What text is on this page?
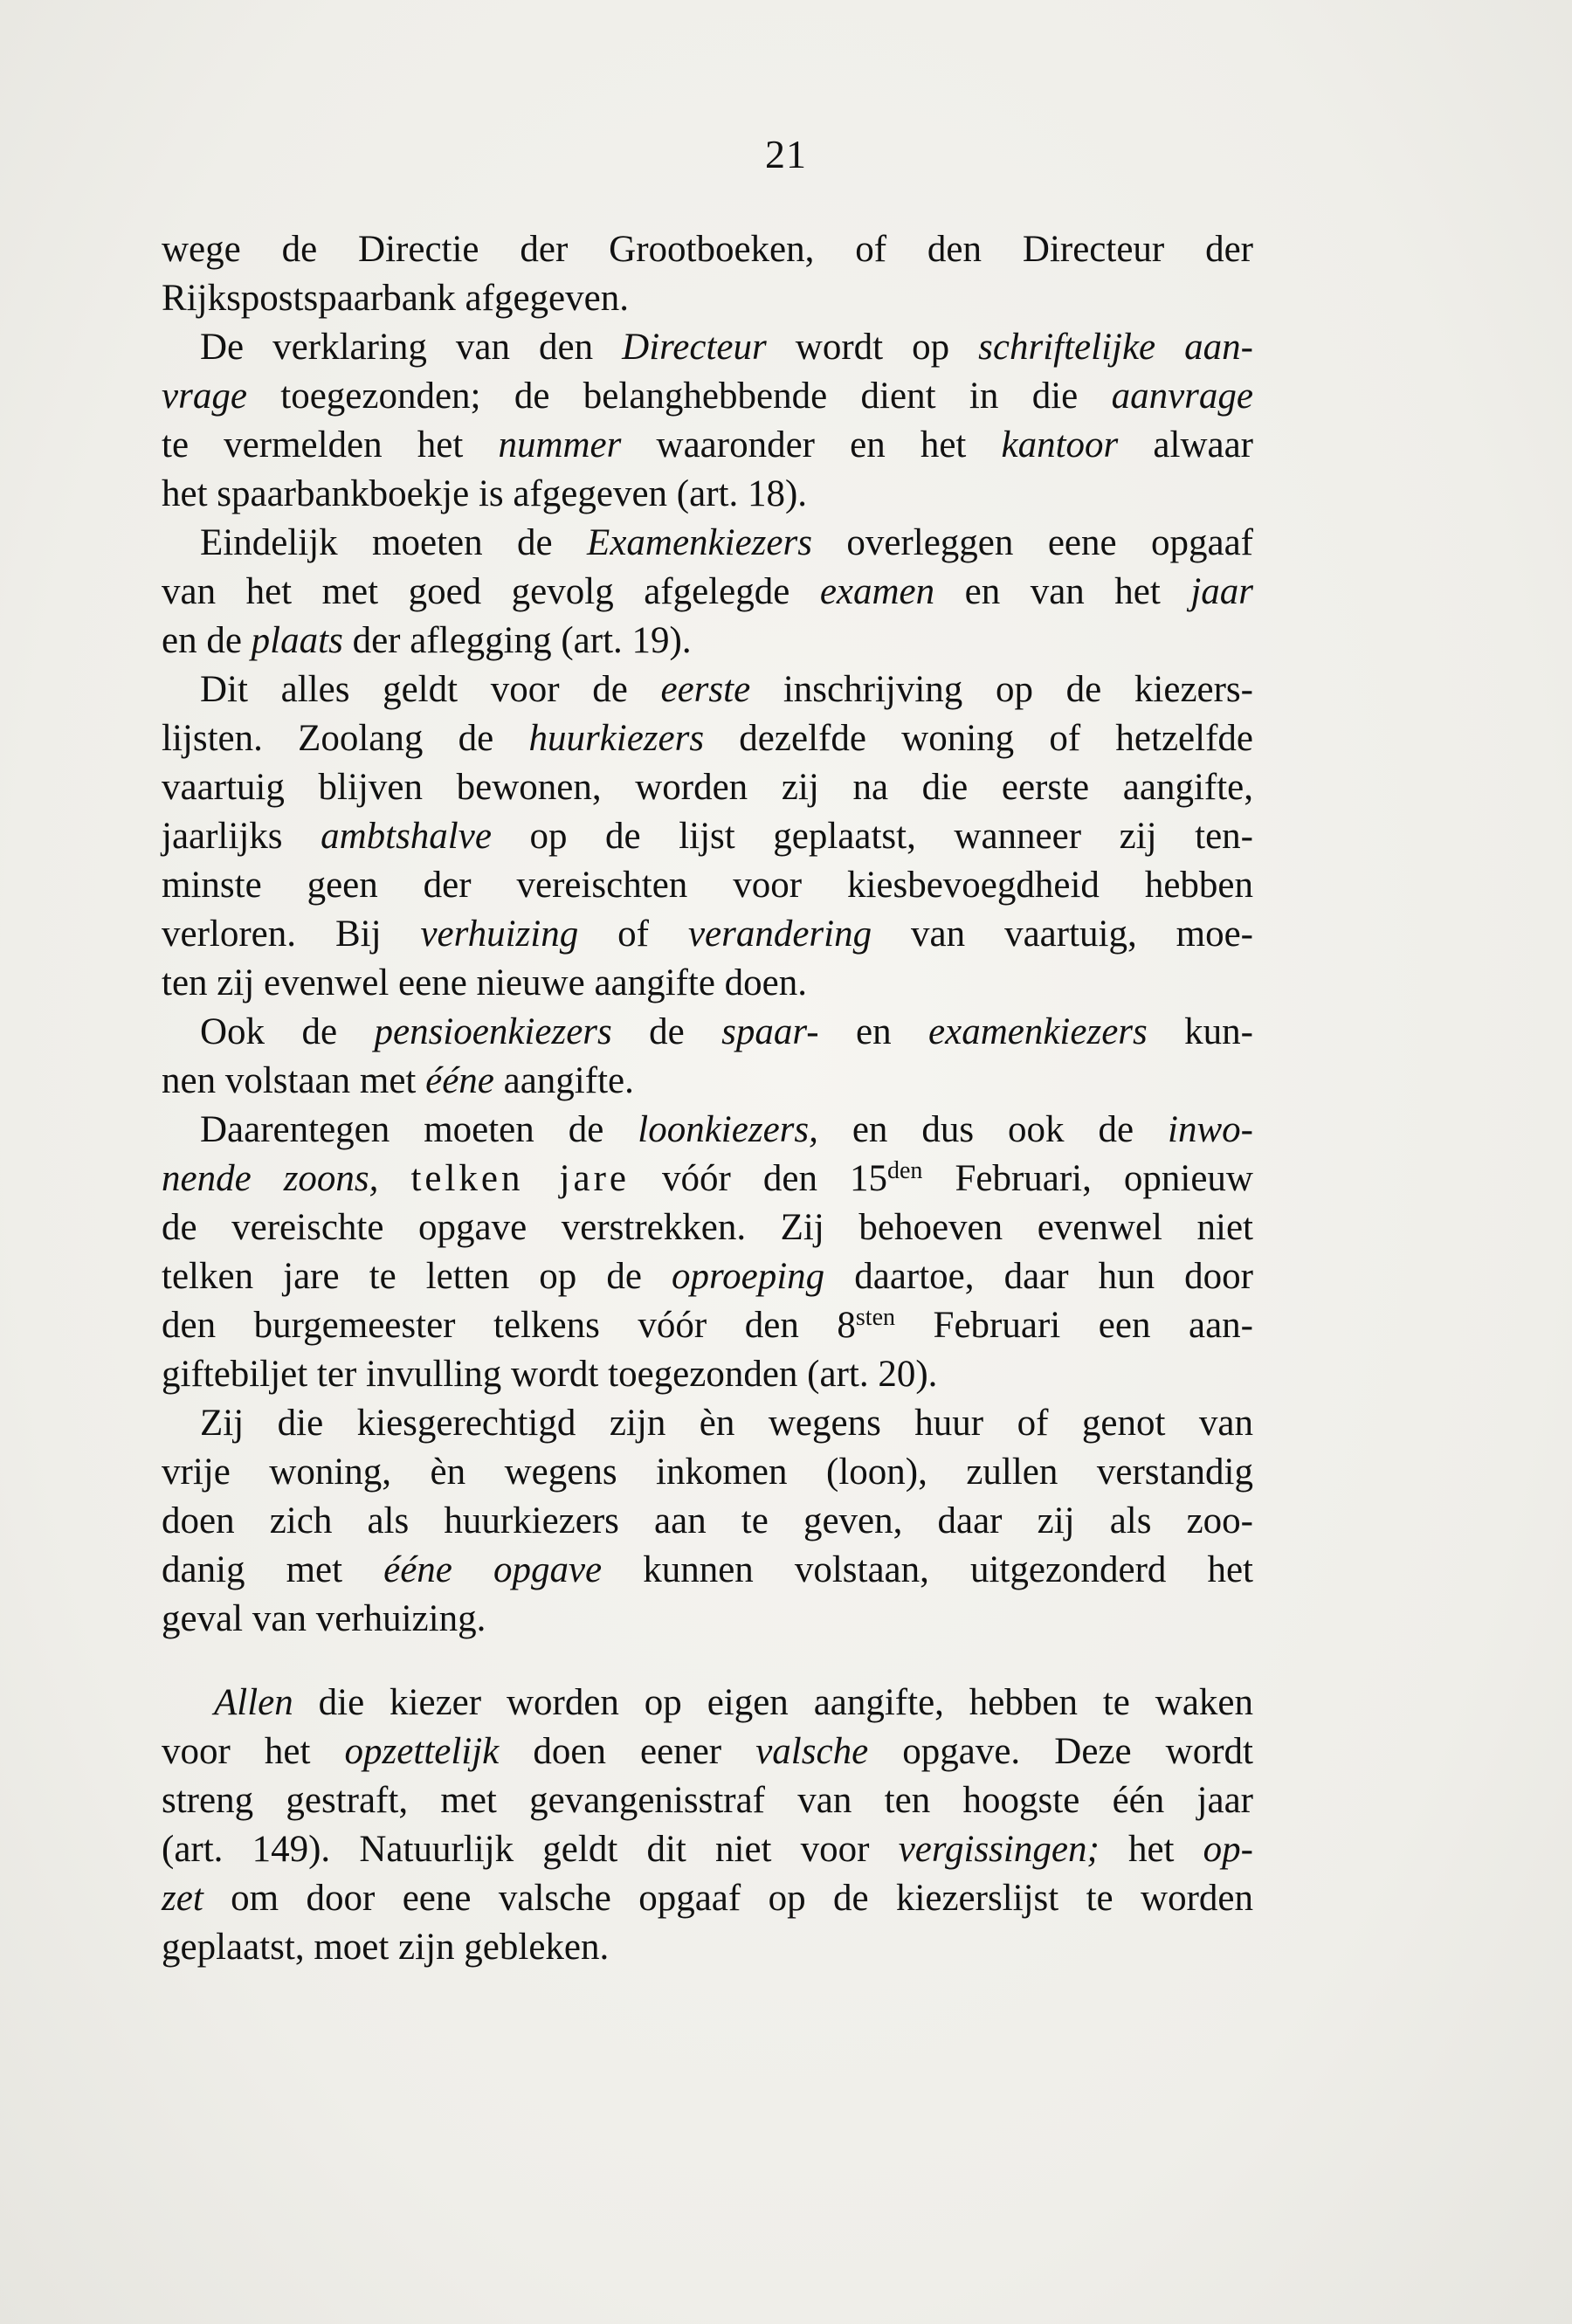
21
wege de Directie der Grootboeken, of den Directeur der
Rijkspostspaarbank afgegeven.
De verklaring van den Directeur wordt op schriftelijke aan-
vrage toegezonden; de belanghebbende dient in die aanvrage
te vermelden het nummer waaronder en het kantoor alwaar
het spaarbankboekje is afgegeven (art. 18).
Eindelijk moeten de Examenkiezers overleggen eene opgaaf
van het met goed gevolg afgelegde examen en van het jaar
en de plaats der aflegging (art. 19).
Dit alles geldt voor de eerste inschrijving op de kiezers-
lijsten. Zoolang de huurkiezers dezelfde woning of hetzelfde
vaartuig blijven bewonen, worden zij na die eerste aangifte,
jaarlijks ambtshalve op de lijst geplaatst, wanneer zij ten-
minste geen der vereischten voor kiesbevoegdheid hebben
verloren. Bij verhuizing of verandering van vaartuig, moe-
ten zij evenwel eene nieuwe aangifte doen.
Ook de pensioenkiezers de spaar- en examenkiezers kun-
nen volstaan met ééne aangifte.
Daarentegen moeten de loonkiezers, en dus ook de inwo-
nende zoons, telken jare vóór den $15^{den}$ Februari, opnieuw
de vereischte opgave verstrekken. Zij behoeven evenwel niet
telken jare te letten op de oproeping daartoe, daar hun door
den burgemeester telkens vóór den $8^{sten}$ Februari een aan-
giftebiljet ter invulling wordt toegezonden (art. 20).
Zij die kiesgerechtigd zijn èn wegens huur of genot van
vrije woning, èn wegens inkomen (loon), zullen verstandig
doen zich als huurkiezers aan te geven, daar zij als zoo-
danig met ééne opgave kunnen volstaan, uitgezonderd het
geval van verhuizing.
Allen die kiezer worden op eigen aangifte, hebben te waken
voor het opzettelijk doen eener valsche opgave. Deze wordt
streng gestraft, met gevangenisstraf van ten hoogste één jaar
(art. 149). Natuurlijk geldt dit niet voor vergissingen; het op-
zet om door eene valsche opgaaf op de kiezerslijst te worden
geplaatst, moet zijn gebleken.
